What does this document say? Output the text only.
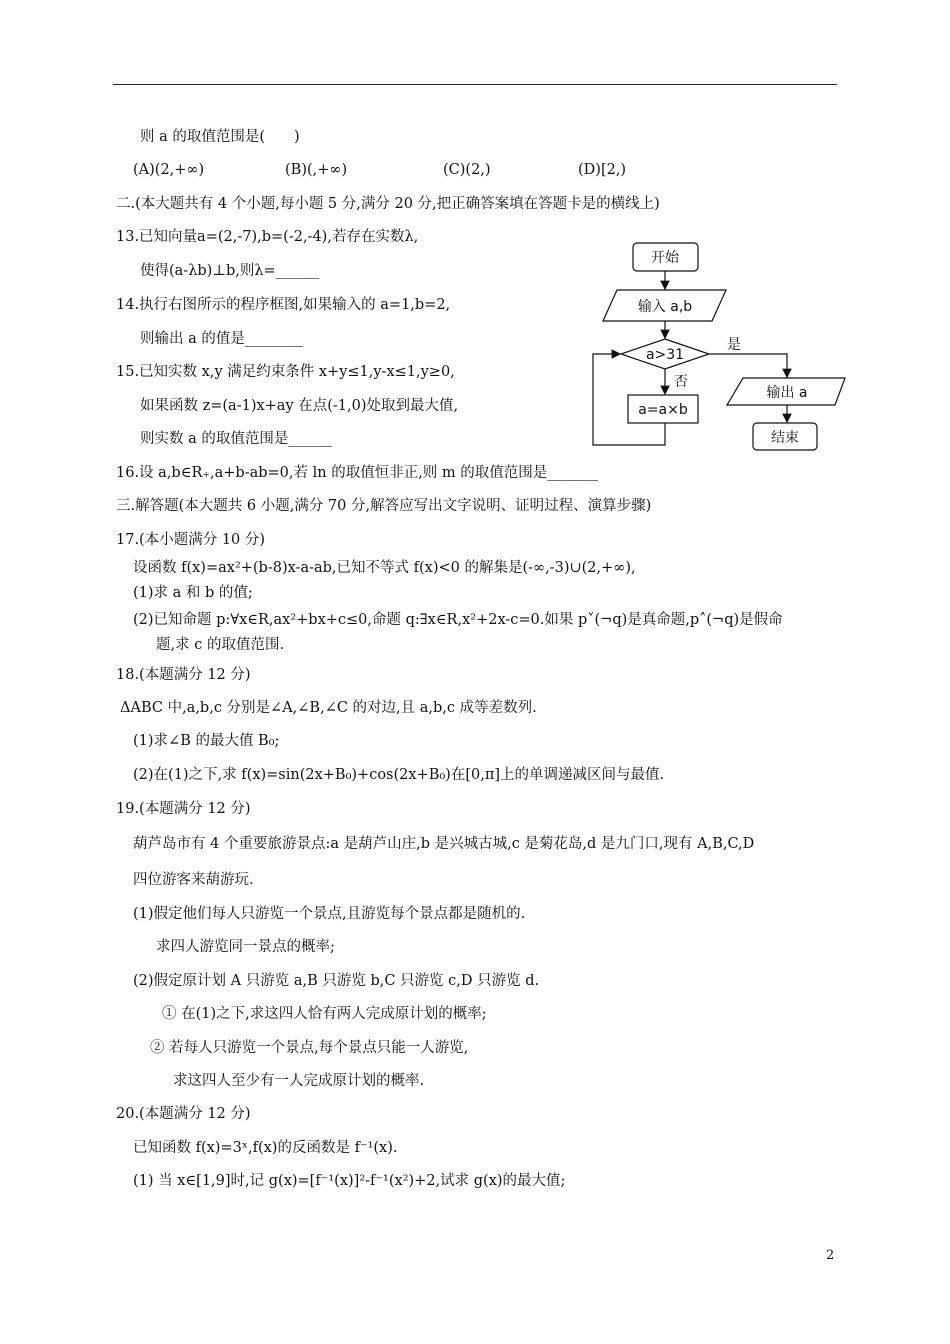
则 a 的取值范围是(　　)
(A)(2,+∞)	(B)(,+∞)	(C)(2,)	(D)[2,)
二.(本大题共有 4 个小题,每小题 5 分,满分 20 分,把正确答案填在答题卡是的横线上)
13.已知向量a=(2,-7),b=(-2,-4),若存在实数λ,
使得(a-λb)⊥b,则λ=______
14.执行右图所示的程序框图,如果输入的 a=1,b=2,
则输出 a 的值是________
15.已知实数 x,y 满足约束条件 x+y≤1,y-x≤1,y≥0,
如果函数 z=(a-1)x+ay 在点(-1,0)处取到最大值,
则实数 a 的取值范围是______
16.设 a,b∈R₊,a+b-ab=0,若 ln 的取值恒非正,则 m 的取值范围是_______
三.解答题(本大题共 6 小题,满分 70 分,解答应写出文字说明、证明过程、演算步骤)
17.(本小题满分 10 分)
设函数 f(x)=ax²+(b-8)x-a-ab,已知不等式 f(x)<0 的解集是(-∞,-3)∪(2,+∞),
(1)求 a 和 b 的值;
(2)已知命题 p:∀x∈R,ax²+bx+c≤0,命题 q:∃x∈R,x²+2x-c=0.如果 p˅(¬q)是真命题,p˄(¬q)是假命
题,求 c 的取值范围.
18.(本题满分 12 分)
ΔABC 中,a,b,c 分别是∠A,∠B,∠C 的对边,且 a,b,c 成等差数列.
(1)求∠B 的最大值 B₀;
(2)在(1)之下,求 f(x)=sin(2x+B₀)+cos(2x+B₀)在[0,π]上的单调递减区间与最值.
19.(本题满分 12 分)
葫芦岛市有 4 个重要旅游景点:a 是葫芦山庄,b 是兴城古城,c 是菊花岛,d 是九门口,现有 A,B,C,D
四位游客来葫游玩.
(1)假定他们每人只游览一个景点,且游览每个景点都是随机的.
求四人游览同一景点的概率;
(2)假定原计划 A 只游览 a,B 只游览 b,C 只游览 c,D 只游览 d.
① 在(1)之下,求这四人恰有两人完成原计划的概率;
② 若每人只游览一个景点,每个景点只能一人游览,
求这四人至少有一人完成原计划的概率.
20.(本题满分 12 分)
已知函数 f(x)=3ˣ,f(x)的反函数是 f⁻¹(x).
(1) 当 x∈[1,9]时,记 g(x)=[f⁻¹(x)]²-f⁻¹(x²)+2,试求 g(x)的最大值;
开始
输入 a,b
a>31
是
否
a=a×b
输出 a
结束
2
